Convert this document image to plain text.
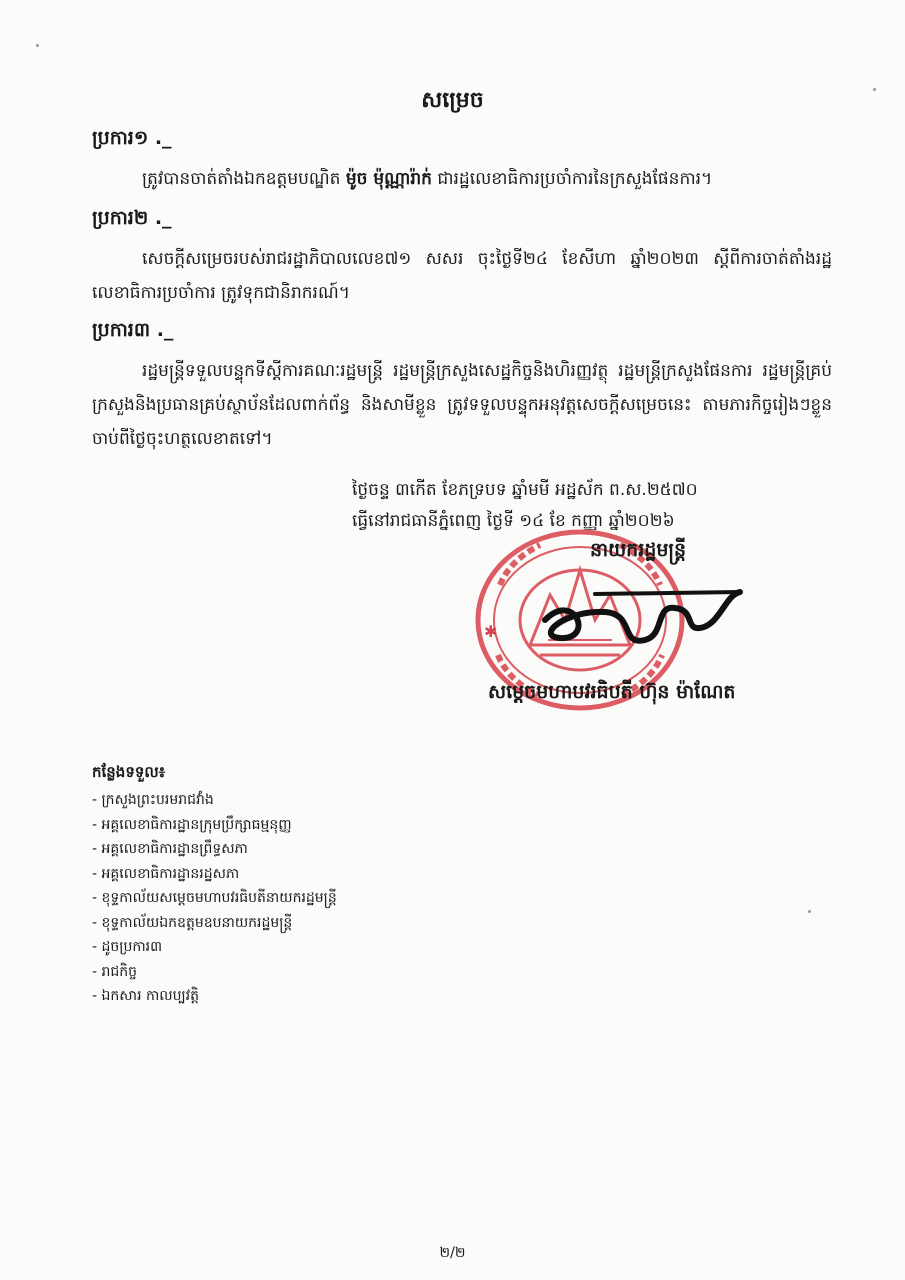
សម្រេច
ប្រការ១ ._
ត្រូវបានចាត់តាំងឯកឧត្តមបណ្ឌិត ម៉ូច ម៉ុណ្ណារ៉ាក់ ជារដ្ឋលេខាធិការប្រចាំការនៃក្រសួងផែនការ។
ប្រការ២ ._
សេចក្តីសម្រេចរបស់រាជរដ្ឋាភិបាលលេខ៧១ សសរ ចុះថ្ងៃទី២៤ ខែសីហា ឆ្នាំ២០២៣ ស្តីពីការចាត់តាំងរដ្ឋលេខាធិការប្រចាំការ ត្រូវទុកជានិរាករណ៍។
ប្រការ៣ ._
រដ្ឋមន្ត្រីទទួលបន្ទុកទីស្តីការគណៈរដ្ឋមន្ត្រី រដ្ឋមន្ត្រីក្រសួងសេដ្ឋកិច្ចនិងហិរញ្ញវត្ថុ រដ្ឋមន្ត្រីក្រសួងផែនការ រដ្ឋមន្ត្រីគ្រប់ក្រសួងនិងប្រធានគ្រប់ស្ថាប័នដែលពាក់ព័ន្ធ និងសាមីខ្លួន ត្រូវទទួលបន្ទុកអនុវត្តសេចក្តីសម្រេចនេះ តាមភារកិច្ចរៀងៗខ្លួនចាប់ពីថ្ងៃចុះហត្ថលេខាតទៅ។
ថ្ងៃចន្ទ ៣កើត ខែភទ្របទ ឆ្នាំមមី អដ្ឋស័ក ព.ស.២៥៧០
ធ្វើនៅរាជធានីភ្នំពេញ ថ្ងៃទី ១៤ ខែ កញ្ញា ឆ្នាំ២០២៦
✱
នាយករដ្ឋមន្ត្រី
សម្តេចមហាបវរធិបតី ហ៊ុន ម៉ាណែត
កន្លែងទទួល៖
- ក្រសួងព្រះបរមរាជវាំង
- អគ្គលេខាធិការដ្ឋានក្រុមប្រឹក្សាធម្មនុញ្ញ
- អគ្គលេខាធិការដ្ឋានព្រឹទ្ធសភា
- អគ្គលេខាធិការដ្ឋានរដ្ឋសភា
- ខុទ្ទកាល័យសម្តេចមហាបវរធិបតីនាយករដ្ឋមន្ត្រី
- ខុទ្ទកាល័យឯកឧត្តមឧបនាយករដ្ឋមន្ត្រី
- ដូចប្រការ៣
- រាជកិច្ច
- ឯកសារ កាលប្បវត្តិ
២/២
